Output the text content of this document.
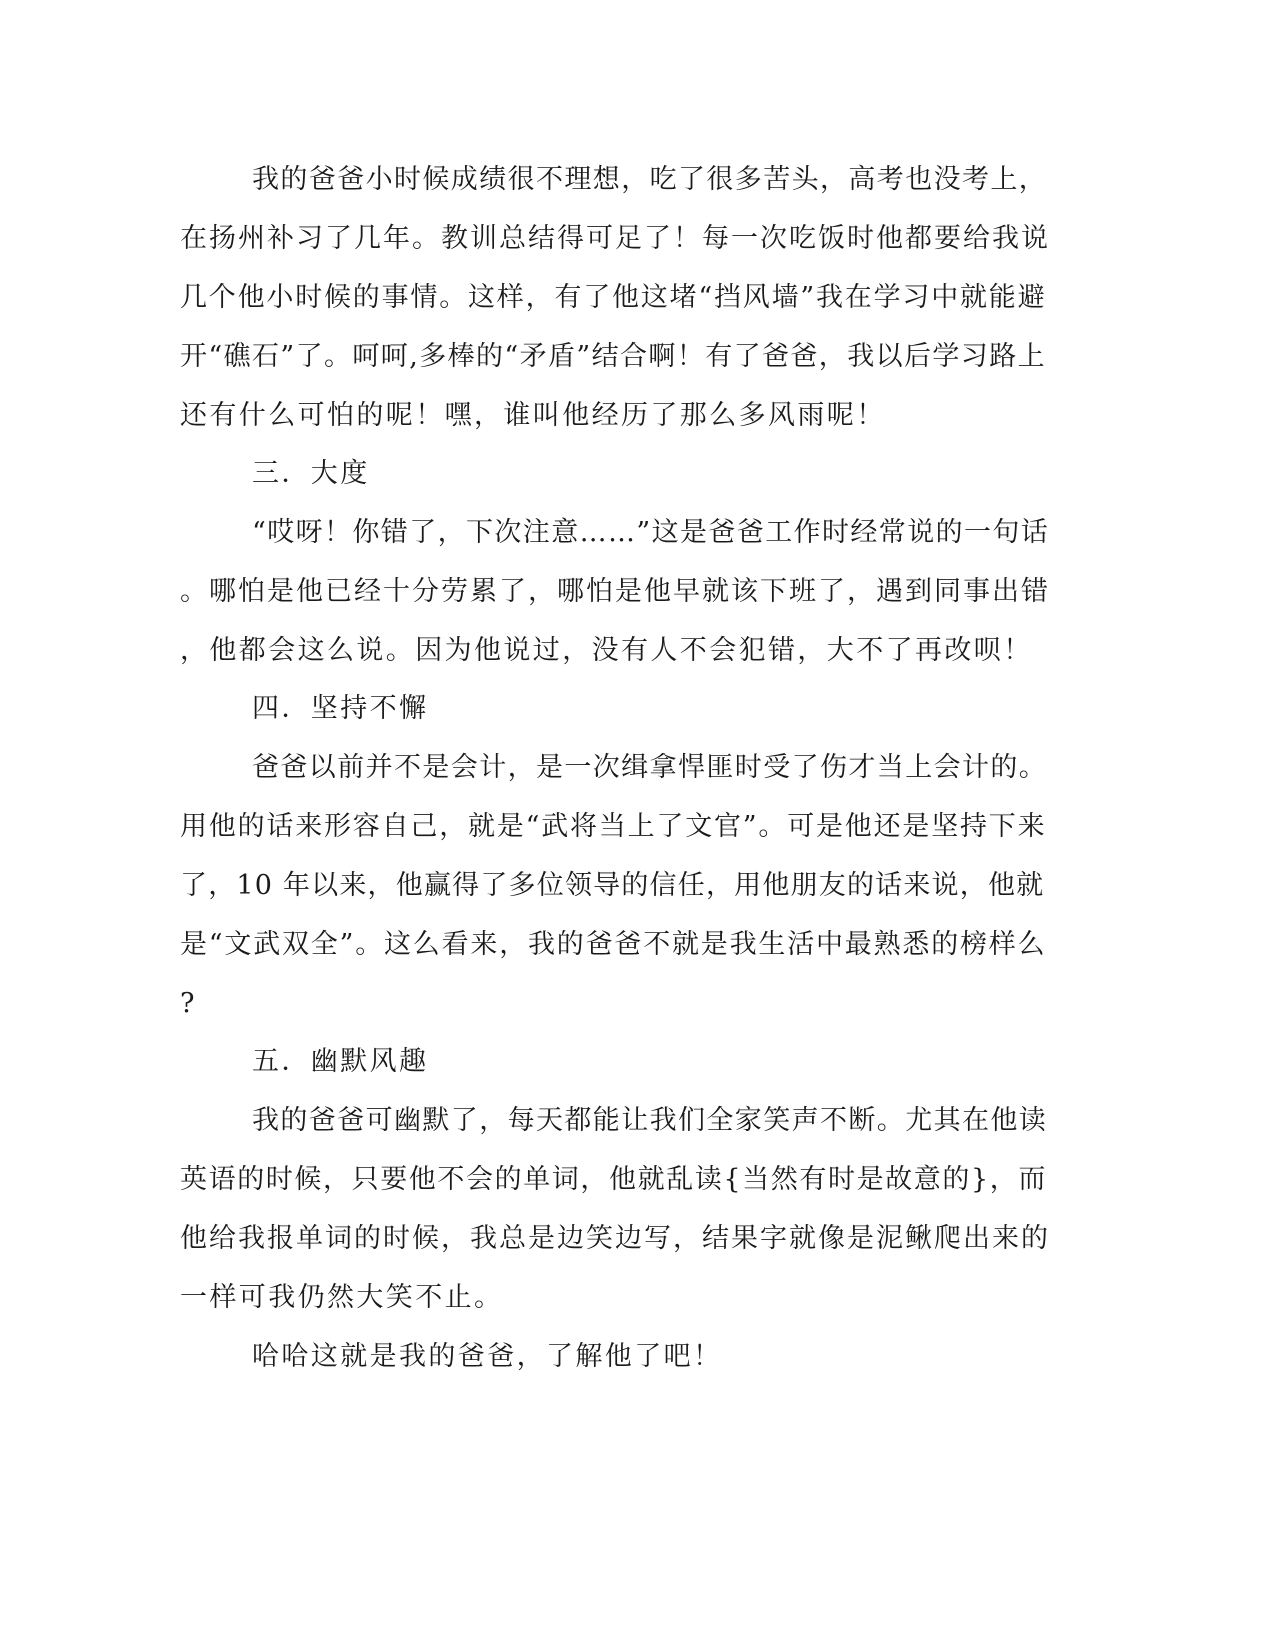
我的爸爸小时候成绩很不理想，吃了很多苦头，高考也没考上，
在扬州补习了几年。教训总结得可足了！每一次吃饭时他都要给我说
几个他小时候的事情。这样，有了他这堵“挡风墙”我在学习中就能避
开“礁石”了。呵呵,多棒的“矛盾”结合啊！有了爸爸，我以后学习路上
还有什么可怕的呢！嘿，谁叫他经历了那么多风雨呢！
三．大度
“哎呀！你错了，下次注意……”这是爸爸工作时经常说的一句话
。哪怕是他已经十分劳累了，哪怕是他早就该下班了，遇到同事出错
，他都会这么说。因为他说过，没有人不会犯错，大不了再改呗！
四．坚持不懈
爸爸以前并不是会计，是一次缉拿悍匪时受了伤才当上会计的。
用他的话来形容自己，就是“武将当上了文官”。可是他还是坚持下来
了，10 年以来，他赢得了多位领导的信任，用他朋友的话来说，他就
是“文武双全”。这么看来，我的爸爸不就是我生活中最熟悉的榜样么
?
五．幽默风趣
我的爸爸可幽默了，每天都能让我们全家笑声不断。尤其在他读
英语的时候，只要他不会的单词，他就乱读{当然有时是故意的}，而
他给我报单词的时候，我总是边笑边写，结果字就像是泥鳅爬出来的
一样可我仍然大笑不止。
哈哈这就是我的爸爸，了解他了吧！
